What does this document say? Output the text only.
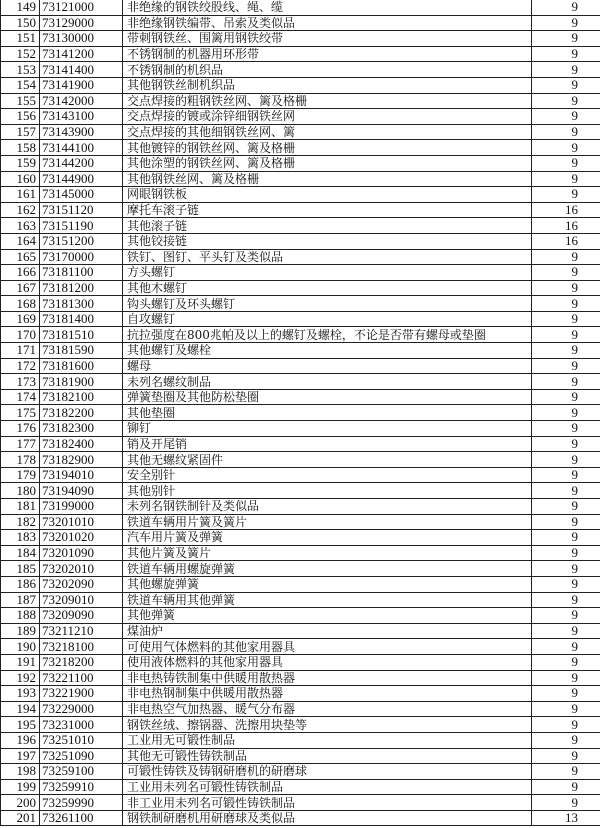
149	73121000	非绝缘的钢铁绞股线、绳、缆	9
150	73129000	非绝缘钢铁编带、吊索及类似品	9
151	73130000	带刺钢铁丝、围篱用钢铁绞带	9
152	73141200	不锈钢制的机器用环形带	9
153	73141400	不锈钢制的机织品	9
154	73141900	其他钢铁丝制机织品	9
155	73142000	交点焊接的粗钢铁丝网、篱及格栅	9
156	73143100	交点焊接的镀或涂锌细钢铁丝网	9
157	73143900	交点焊接的其他细钢铁丝网、篱	9
158	73144100	其他镀锌的钢铁丝网、篱及格栅	9
159	73144200	其他涂塑的钢铁丝网、篱及格栅	9
160	73144900	其他钢铁丝网、篱及格栅	9
161	73145000	网眼钢铁板	9
162	73151120	摩托车滚子链	16
163	73151190	其他滚子链	16
164	73151200	其他铰接链	16
165	73170000	铁钉、图钉、平头钉及类似品	9
166	73181100	方头螺钉	9
167	73181200	其他木螺钉	9
168	73181300	钩头螺钉及环头螺钉	9
169	73181400	自攻螺钉	9
170	73181510	抗拉强度在800兆帕及以上的螺钉及螺栓，不论是否带有螺母或垫圈	9
171	73181590	其他螺钉及螺栓	9
172	73181600	螺母	9
173	73181900	未列名螺纹制品	9
174	73182100	弹簧垫圈及其他防松垫圈	9
175	73182200	其他垫圈	9
176	73182300	铆钉	9
177	73182400	销及开尾销	9
178	73182900	其他无螺纹紧固件	9
179	73194010	安全别针	9
180	73194090	其他别针	9
181	73199000	未列名钢铁制针及类似品	9
182	73201010	铁道车辆用片簧及簧片	9
183	73201020	汽车用片簧及弹簧	9
184	73201090	其他片簧及簧片	9
185	73202010	铁道车辆用螺旋弹簧	9
186	73202090	其他螺旋弹簧	9
187	73209010	铁道车辆用其他弹簧	9
188	73209090	其他弹簧	9
189	73211210	煤油炉	9
190	73218100	可使用气体燃料的其他家用器具	9
191	73218200	使用液体燃料的其他家用器具	9
192	73221100	非电热铸铁制集中供暖用散热器	9
193	73221900	非电热钢制集中供暖用散热器	9
194	73229000	非电热空气加热器、暖气分布器	9
195	73231000	钢铁丝绒、擦锅器、洗擦用块垫等	9
196	73251010	工业用无可锻性制品	9
197	73251090	其他无可锻性铸铁制品	9
198	73259100	可锻性铸铁及铸钢研磨机的研磨球	9
199	73259910	工业用未列名可锻性铸铁制品	9
200	73259990	非工业用未列名可锻性铸铁制品	9
201	73261100	钢铁制研磨机用研磨球及类似品	13
